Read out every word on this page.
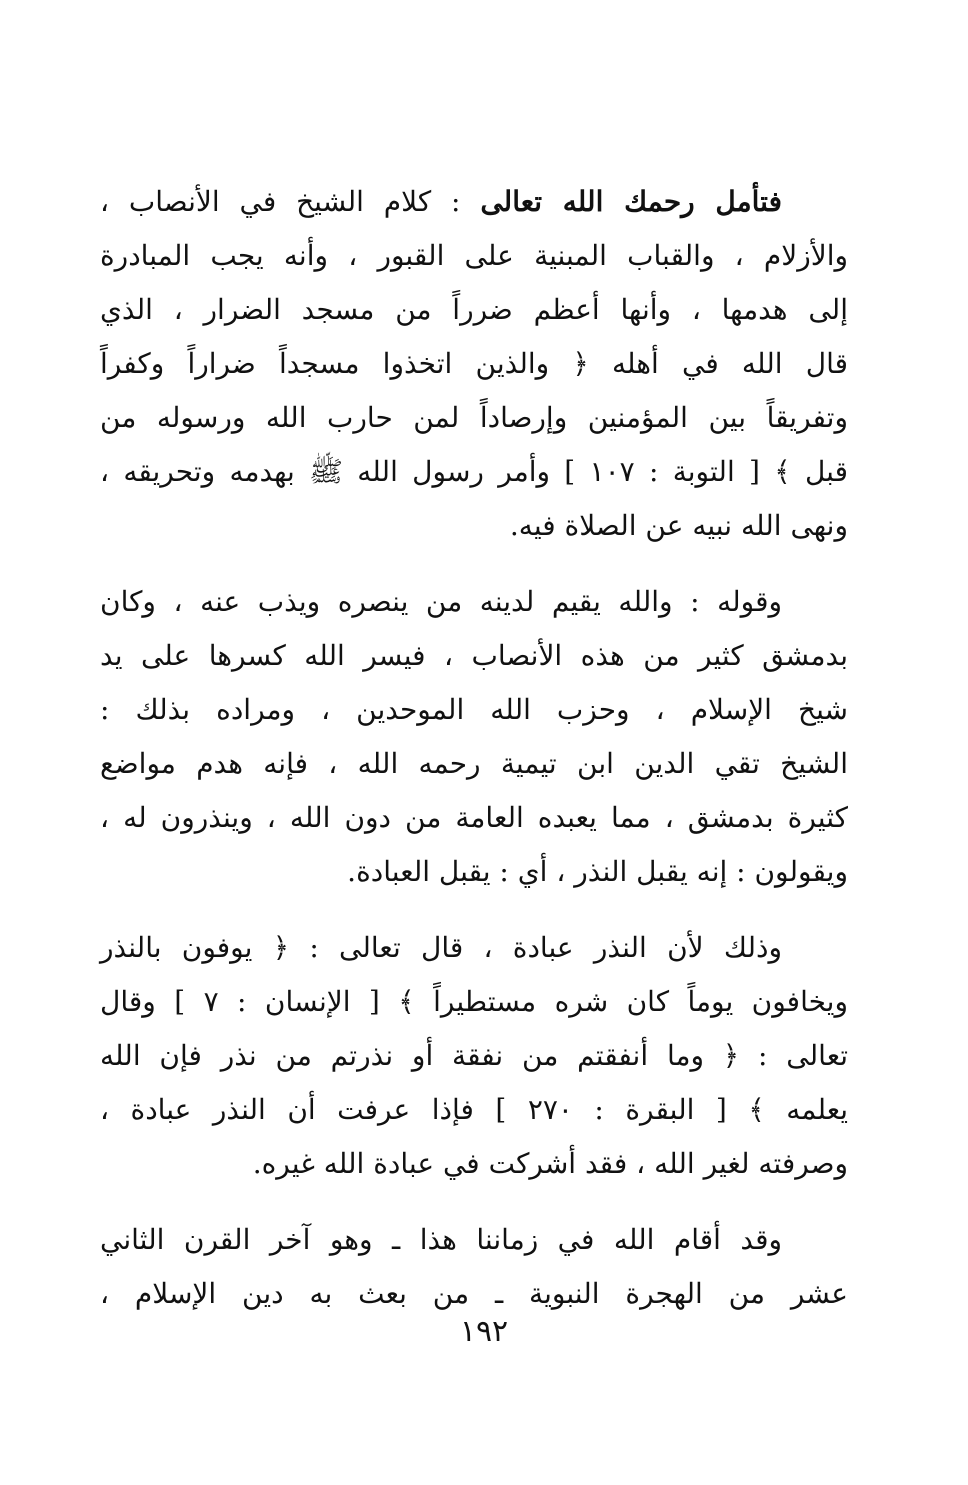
فتأمل رحمك الله تعالى : كلام الشيخ في الأنصاب ،
والأزلام ، والقباب المبنية على القبور ، وأنه يجب المبادرة
إلى هدمها ، وأنها أعظم ضرراً من مسجد الضرار ، الذي
قال الله في أهله ﴿ والذين اتخذوا مسجداً ضراراً وكفراً
وتفريقاً بين المؤمنين وإرصاداً لمن حارب الله ورسوله من
قبل ﴾ [ التوبة : ١٠٧ ] وأمر رسول الله ﷺ بهدمه وتحريقه ،
ونهى الله نبيه عن الصلاة فيه.

وقوله : والله يقيم لدينه من ينصره ويذب عنه ، وكان
بدمشق كثير من هذه الأنصاب ، فيسر الله كسرها على يد
شيخ الإسلام ، وحزب الله الموحدين ، ومراده بذلك :
الشيخ تقي الدين ابن تيمية رحمه الله ، فإنه هدم مواضع
كثيرة بدمشق ، مما يعبده العامة من دون الله ، وينذرون له ،
ويقولون : إنه يقبل النذر ، أي : يقبل العبادة.

وذلك لأن النذر عبادة ، قال تعالى : ﴿ يوفون بالنذر
ويخافون يوماً كان شره مستطيراً ﴾ [ الإنسان : ٧ ] وقال
تعالى : ﴿ وما أنفقتم من نفقة أو نذرتم من نذر فإن الله
يعلمه ﴾ [ البقرة : ٢٧٠ ] فإذا عرفت أن النذر عبادة ،
وصرفته لغير الله ، فقد أشركت في عبادة الله غيره.

وقد أقام الله في زماننا هذا ـ وهو آخر القرن الثاني
عشر من الهجرة النبوية ـ من بعث به دين الإسلام ،

١٩٢
